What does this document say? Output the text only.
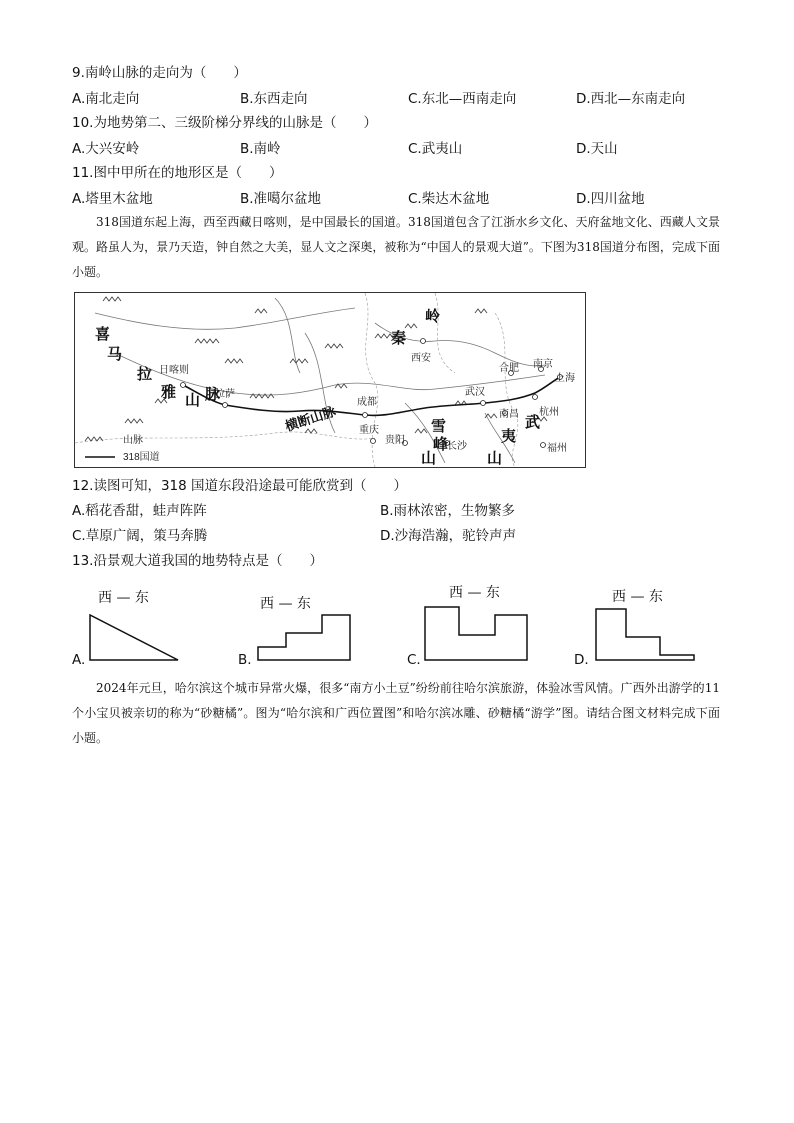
9.南岭山脉的走向为（　　）
A.南北走向	B.东西走向	C.东北—西南走向	D.西北—东南走向
10.为地势第二、三级阶梯分界线的山脉是（　　）
A.大兴安岭	B.南岭	C.武夷山	D.天山
11.图中甲所在的地形区是（　　）
A.塔里木盆地	B.准噶尔盆地	C.柴达木盆地	D.四川盆地

318国道东起上海，西至西藏日喀则，是中国最长的国道。318国道包含了江浙水乡文化、天府盆地文化、西藏人文景观。路虽人为，景乃天造，钟自然之大美，显人文之深奥，被称为“中国人的景观大道”。下图为318国道分布图，完成下面小题。

日喀则
拉萨
西安
成都
重庆
武汉
合肥 南京
上海
杭州
南昌
长沙
贵阳
福州
喜
马
拉
雅 山 脉
秦
岭
横断山脉	雪
峰
山
武
夷
山
山脉
318国道
12.读图可知，318 国道东段沿途最可能欣赏到（　　）
A.稻花香甜，蛙声阵阵	B.雨林浓密，生物繁多
C.草原广阔，策马奔腾	D.沙海浩瀚，驼铃声声
13.沿景观大道我国的地势特点是（　　）
西 — 东
A.
西 — 东
B.
西 — 东
C.
西 — 东
D.

2024年元旦，哈尔滨这个城市异常火爆，很多“南方小土豆”纷纷前往哈尔滨旅游，体验冰雪风情。广西外出游学的11个小宝贝被亲切的称为“砂糖橘”。图为“哈尔滨和广西位置图”和哈尔滨冰雕、砂糖橘“游学”图。请结合图文材料完成下面小题。
